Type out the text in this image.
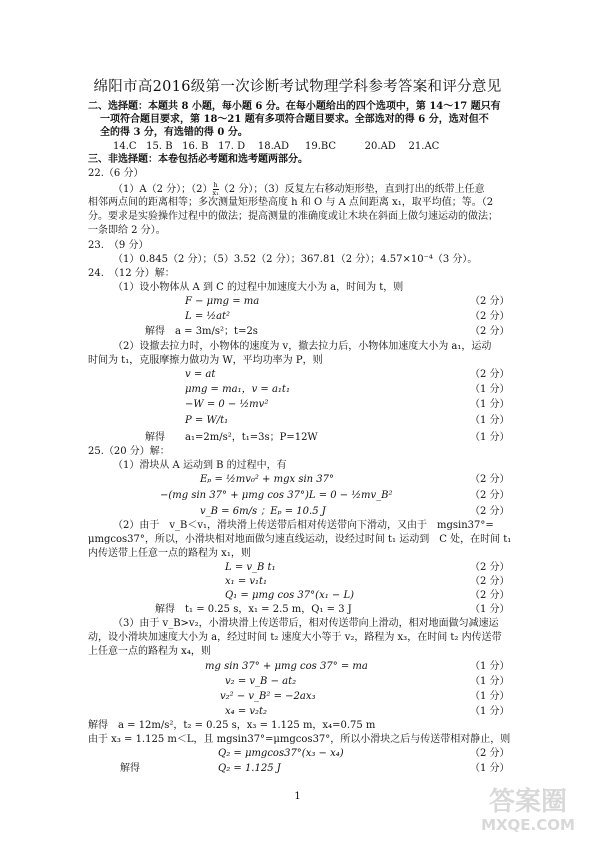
绵阳市高2016级第一次诊断考试物理学科参考答案和评分意见
二、选择题：本题共 8 小题，每小题 6 分。在每小题给出的四个选项中，第 14～17 题只有
一项符合题目要求，第 18～21 题有多项符合题目要求。全部选对的得 6 分，选对但不
全的得 3 分，有选错的得 0 分。
14.C 15. B 16. B 17. D 18.AD 19.BC	20.AD 21.AC
三、非选择题：本卷包括必考题和选考题两部分。
22.（6 分）
（1）A（2 分）；$(2) \frac{h}{\text{x₁}} (2$ 分）；（3）反复左右移动矩形垫，直到打出的纸带上任意
相邻两点间的距离相等；多次测量矩形垫高度 h 和 O 与 A 点间距离 x₁，取平均值；等。（2
分。要求是实验操作过程中的做法；提高测量的准确度或让木块在斜面上做匀速运动的做法；
一条即给 2 分）。
23.　（9 分）
（1）0.845（2 分）；（5）3.52（2 分）；367.81（2 分）；4.57×10⁻⁴（3 分）。
24.　（12 分）解：
（1）设小物体从 A 到 C 的过程中加速度大小为 a，时间为 t，则
F − μmg = ma	（2 分）
L = ½at²	（2 分）
解得　a = 3m/s²；t=2s	（2 分）
（2）设撤去拉力时，小物体的速度为 v，撤去拉力后，小物体加速度大小为 a₁，运动
时间为 t₁，克服摩擦力做功为 W，平均功率为 P，则
v = at	（2 分）
μmg = ma₁，v = a₁t₁	（1 分）
−W = 0 − ½mv²	（1 分）
P = W/t₁	（1 分）
解得　　a₁=2m/s²，t₁=3s；P=12W	（1 分）
25.（20 分）解：
（1）滑块从 A 运动到 B 的过程中，有
Eₚ = ½mv₀² + mgx sin 37°	（2 分）
−(mg sin 37° + μmg cos 37°)L = 0 − ½mv_B²	（2 分）
v_B = 6m/s ；Eₚ = 10.5 J	（2 分）
（2）由于　v_B＜v₁，滑块滑上传送带后相对传送带向下滑动，又由于　mgsin37°=
μmgcos37°，所以，小滑块相对地面做匀速直线运动，设经过时间 t₁ 运动到　C 处，在时间 t₁
内传送带上任意一点的路程为 x₁，则
L = v_B t₁	（2 分）
x₁ = v₁t₁	（2 分）
Q₁ = μmg cos 37°(x₁ − L)	（2 分）
解得　t₁ = 0.25 s，x₁ = 2.5 m，Q₁ = 3 J	（1 分）
（3）由于 v_B>v₂，小滑块滑上传送带后，相对传送带向上滑动，相对地面做匀减速运
动，设小滑块加速度大小为 a，经过时间 t₂ 速度大小等于 v₂，路程为 x₃，在时间 t₂ 内传送带
上任意一点的路程为 x₄，则
mg sin 37° + μmg cos 37° = ma	（1 分）
v₂ = v_B − at₂	（1 分）
v₂² − v_B² = −2ax₃	（1 分）
x₄ = v₂t₂	（1 分）
解得　a = 12m/s²，t₂ = 0.25 s，x₃ = 1.125 m，x₄=0.75 m
由于 x₃ = 1.125 m＜L，且 mgsin37°=μmgcos37°，所以小滑块之后与传送带相对静止，则
Q₂ = μmgcos37°(x₃ − x₄)	（2 分）
解得	Q₂ = 1.125 J	（1 分）
1	答案圈
MXQE.COM
